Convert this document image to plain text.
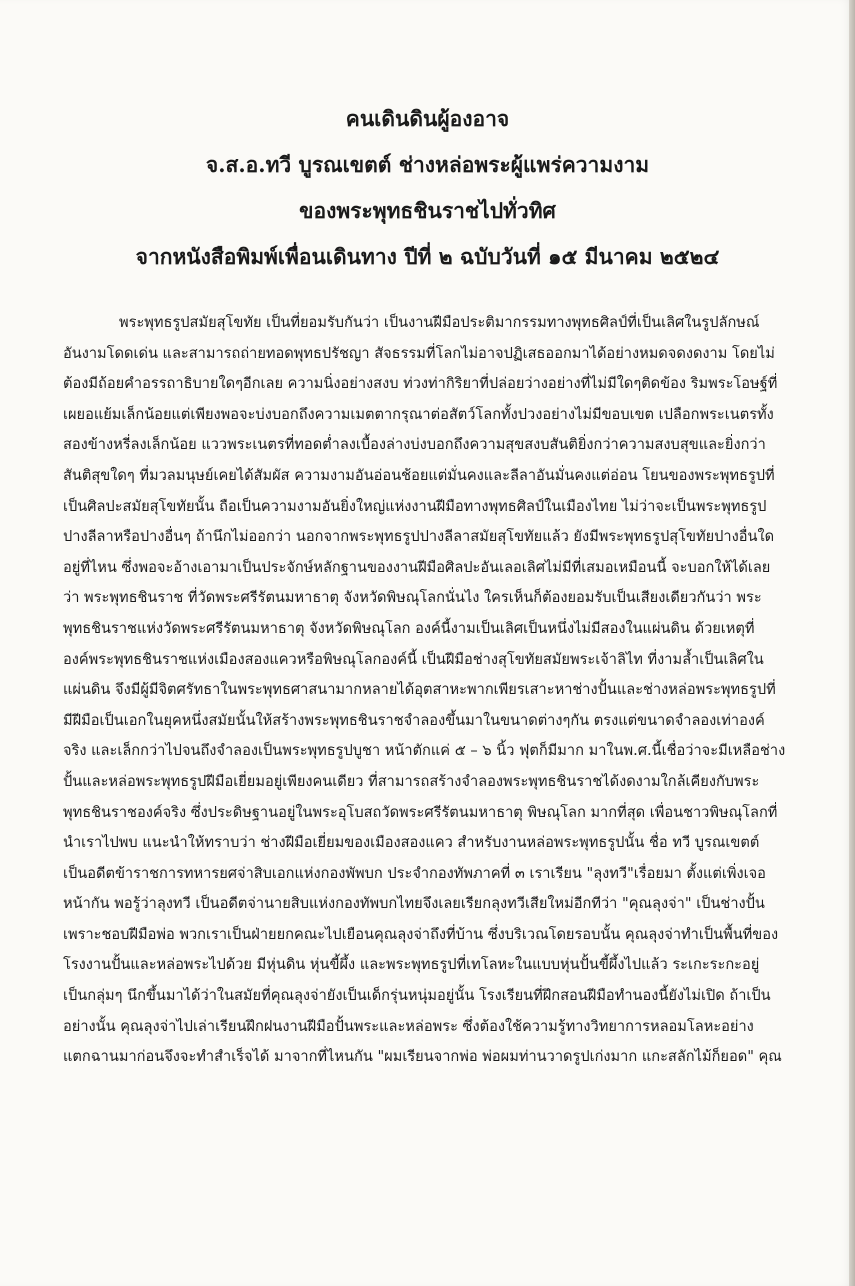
คนเดินดินผู้องอาจ
จ.ส.อ.ทวี บูรณเขตต์ ช่างหล่อพระผู้แพร่ความงาม
ของพระพุทธชินราชไปทั่วทิศ
จากหนังสือพิมพ์เพื่อนเดินทาง ปีที่ ๒ ฉบับวันที่ ๑๕ มีนาคม ๒๕๒๔
พระพุทธรูปสมัยสุโขทัย เป็นที่ยอมรับกันว่า เป็นงานฝีมือประติมากรรมทางพุทธศิลป์ที่เป็นเลิศในรูปลักษณ์
อันงามโดดเด่น และสามารถถ่ายทอดพุทธปรัชญา สัจธรรมที่โลกไม่อาจปฏิเสธออกมาได้อย่างหมดจดงดงาม โดยไม่
ต้องมีถ้อยคำอรรถาธิบายใดๆอีกเลย ความนิ่งอย่างสงบ ท่วงท่ากิริยาที่ปล่อยว่างอย่างที่ไม่มีใดๆติดข้อง ริมพระโอษฐ์ที่
เผยอแย้มเล็กน้อยแต่เพียงพอจะบ่งบอกถึงความเมตตากรุณาต่อสัตว์โลกทั้งปวงอย่างไม่มีขอบเขต เปลือกพระเนตรทั้ง
สองข้างหรี่ลงเล็กน้อย แววพระเนตรที่ทอดต่ำลงเบื้องล่างบ่งบอกถึงความสุขสงบสันติยิ่งกว่าความสงบสุขและยิ่งกว่า
สันติสุขใดๆ ที่มวลมนุษย์เคยได้สัมผัส ความงามอันอ่อนช้อยแต่มั่นคงและลีลาอันมั่นคงแต่อ่อน โยนของพระพุทธรูปที่
เป็นศิลปะสมัยสุโขทัยนั้น ถือเป็นความงามอันยิ่งใหญ่แห่งงานฝีมือทางพุทธศิลป์ในเมืองไทย ไม่ว่าจะเป็นพระพุทธรูป
ปางลีลาหรือปางอื่นๆ ถ้านึกไม่ออกว่า นอกจากพระพุทธรูปปางลีลาสมัยสุโขทัยแล้ว ยังมีพระพุทธรูปสุโขทัยปางอื่นใด
อยู่ที่ไหน ซึ่งพอจะอ้างเอามาเป็นประจักษ์หลักฐานของงานฝีมือศิลปะอันเลอเลิศไม่มีที่เสมอเหมือนนี้ จะบอกให้ได้เลย
ว่า พระพุทธชินราช ที่วัดพระศรีรัตนมหาธาตุ จังหวัดพิษณุโลกนั่นไง ใครเห็นก็ต้องยอมรับเป็นเสียงเดียวกันว่า พระ
พุทธชินราชแห่งวัดพระศรีรัตนมหาธาตุ จังหวัดพิษณุโลก องค์นี้งามเป็นเลิศเป็นหนึ่งไม่มีสองในแผ่นดิน ด้วยเหตุที่
องค์พระพุทธชินราชแห่งเมืองสองแควหรือพิษณุโลกองค์นี้ เป็นฝีมือช่างสุโขทัยสมัยพระเจ้าลิไท ที่งามล้ำเป็นเลิศใน
แผ่นดิน จึงมีผู้มีจิตศรัทธาในพระพุทธศาสนามากหลายได้อุตสาหะพากเพียรเสาะหาช่างปั้นและช่างหล่อพระพุทธรูปที่
มีฝีมือเป็นเอกในยุคหนึ่งสมัยนั้นให้สร้างพระพุทธชินราชจำลองขึ้นมาในขนาดต่างๆกัน ตรงแต่ขนาดจำลองเท่าองค์
จริง และเล็กกว่าไปจนถึงจำลองเป็นพระพุทธรูปบูชา หน้าตักแค่ ๕ – ๖ นิ้ว ฟุตก็มีมาก มาในพ.ศ.นี้เชื่อว่าจะมีเหลือช่าง
ปั้นและหล่อพระพุทธรูปฝีมือเยี่ยมอยู่เพียงคนเดียว ที่สามารถสร้างจำลองพระพุทธชินราชได้งดงามใกล้เคียงกับพระ
พุทธชินราชองค์จริง ซึ่งประดิษฐานอยู่ในพระอุโบสถวัดพระศรีรัตนมหาธาตุ พิษณุโลก มากที่สุด เพื่อนชาวพิษณุโลกที่
นำเราไปพบ แนะนำให้ทราบว่า ช่างฝีมือเยี่ยมของเมืองสองแคว สำหรับงานหล่อพระพุทธรูปนั้น ชื่อ ทวี บูรณเขตต์
เป็นอดีตข้าราชการทหารยศจ่าสิบเอกแห่งกองพัพบก ประจำกองทัพภาคที่ ๓ เราเรียน "ลุงทวี"เรื่อยมา ตั้งแต่เพิ่งเจอ
หน้ากัน พอรู้ว่าลุงทวี เป็นอดีตจ่านายสิบแห่งกองทัพบกไทยจึงเลยเรียกลุงทวีเสียใหม่อีกทีว่า "คุณลุงจ่า" เป็นช่างปั้น
เพราะชอบฝีมือพ่อ พวกเราเป็นฝ่ายยกคณะไปเยือนคุณลุงจ่าถึงที่บ้าน ซึ่งบริเวณโดยรอบนั้น คุณลุงจ่าทำเป็นพื้นที่ของ
โรงงานปั้นและหล่อพระไปด้วย มีหุ่นดิน หุ่นขี้ผึ้ง และพระพุทธรูปที่เทโลหะในแบบหุ่นปั้นขี้ผึ้งไปแล้ว ระเกะระกะอยู่
เป็นกลุ่มๆ นึกขึ้นมาได้ว่าในสมัยที่คุณลุงจ่ายังเป็นเด็กรุ่นหนุ่มอยู่นั้น โรงเรียนที่ฝึกสอนฝีมือทำนองนี้ยังไม่เปิด ถ้าเป็น
อย่างนั้น คุณลุงจ่าไปเล่าเรียนฝึกฝนงานฝีมือปั้นพระและหล่อพระ ซึ่งต้องใช้ความรู้ทางวิทยาการหลอมโลหะอย่าง
แตกฉานมาก่อนจึงจะทำสำเร็จได้ มาจากที่ไหนกัน "ผมเรียนจากพ่อ พ่อผมท่านวาดรูปเก่งมาก แกะสลักไม้ก็ยอด" คุณ
